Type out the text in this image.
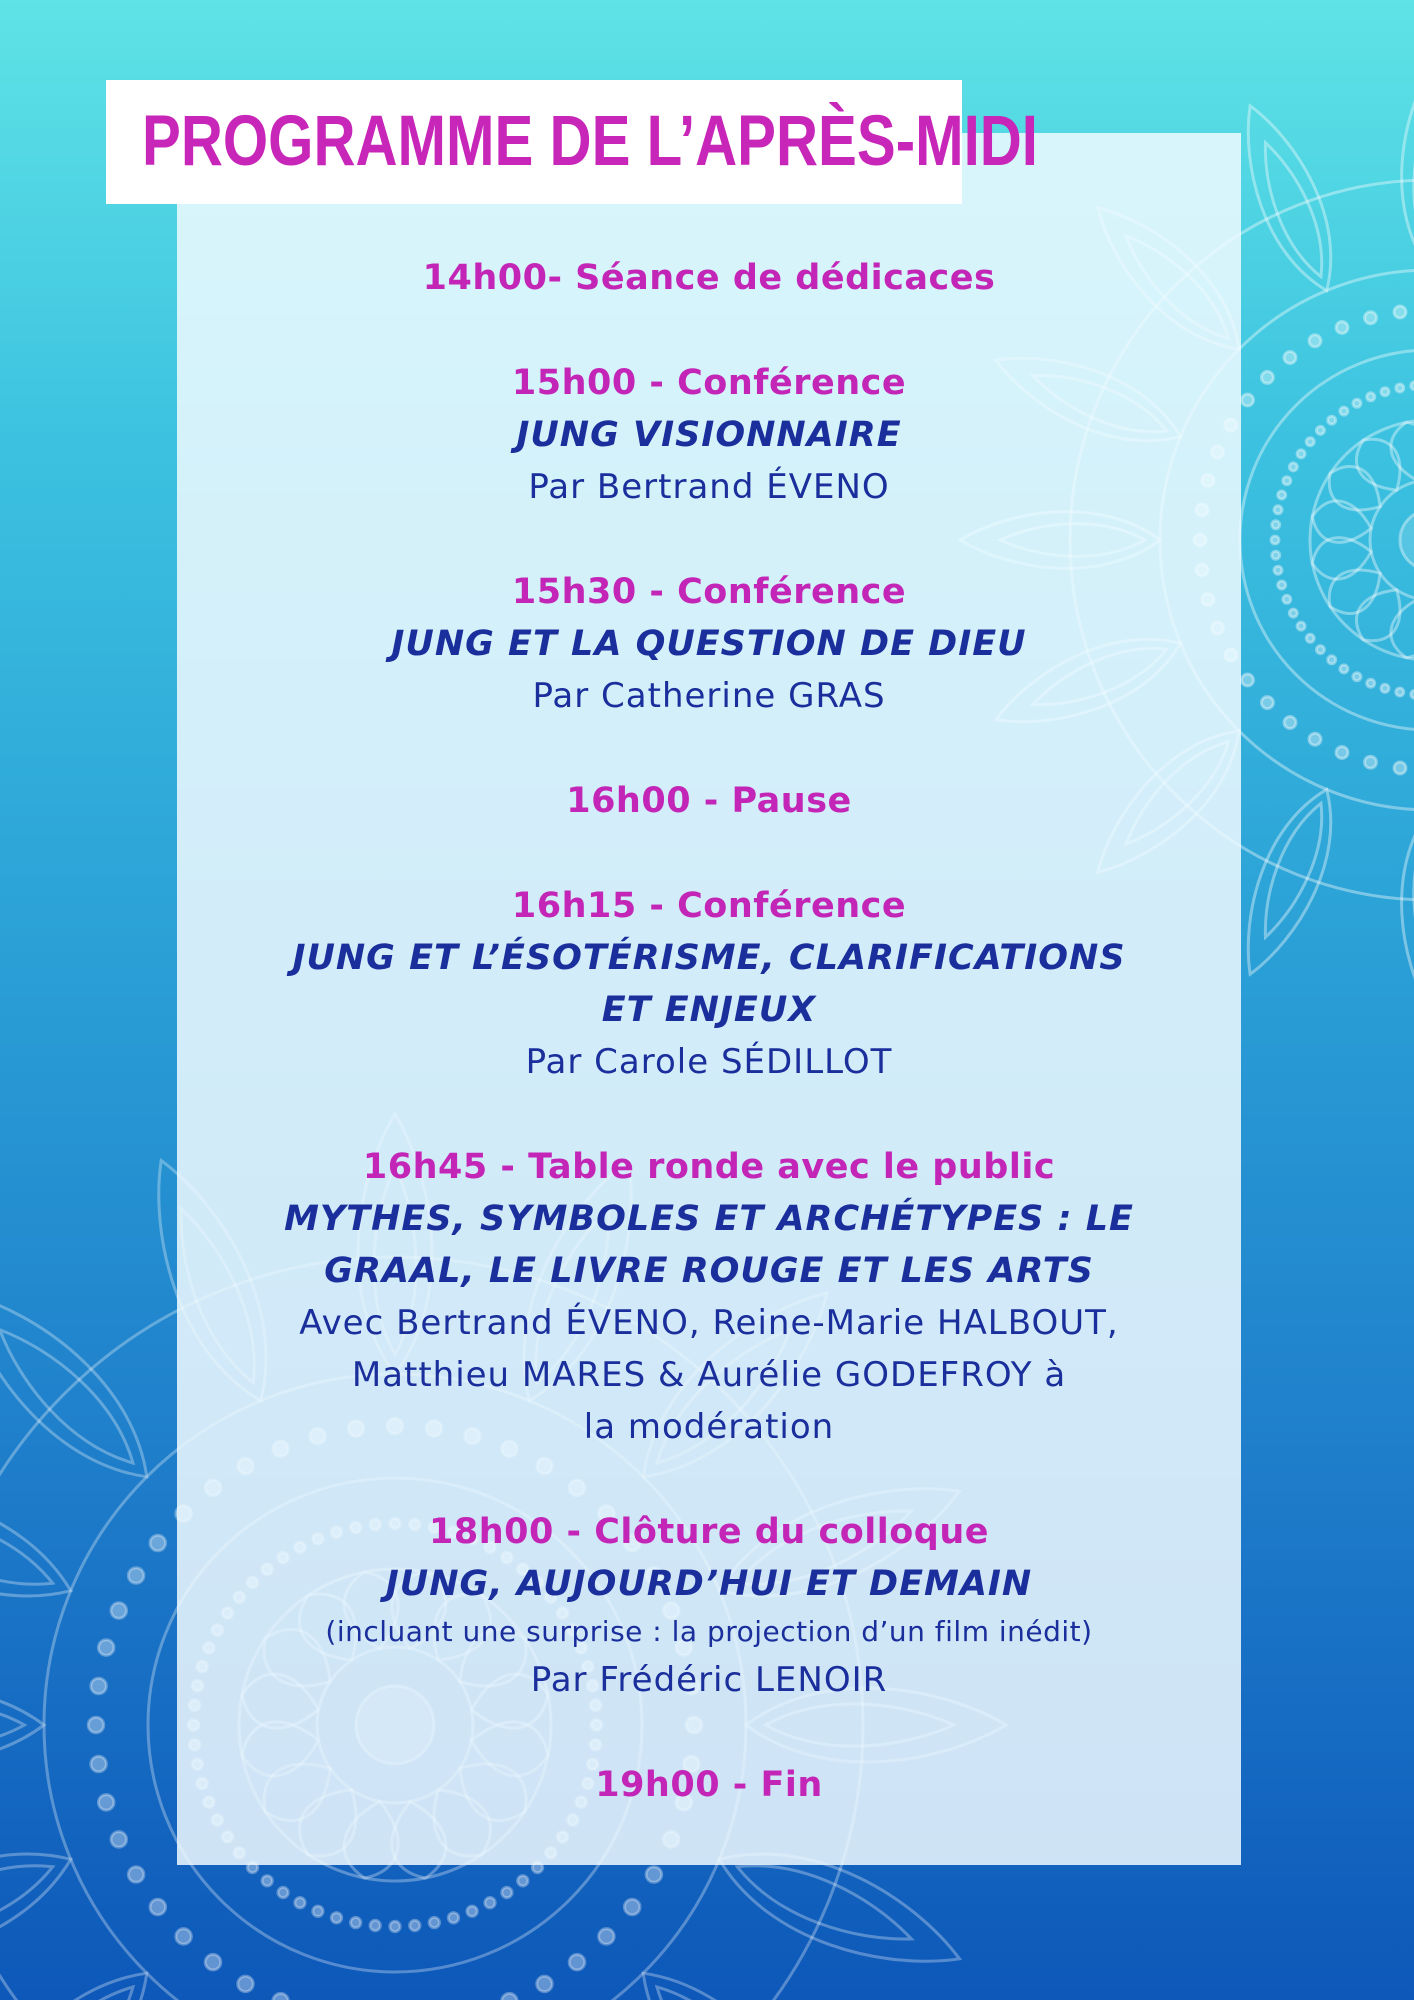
PROGRAMME DE L’APRÈS-MIDI
14h00- Séance de dédicaces
15h00 - Conférence
JUNG VISIONNAIRE
Par Bertrand ÉVENO
15h30 - Conférence
JUNG ET LA QUESTION DE DIEU
Par Catherine GRAS
16h00 - Pause
16h15 - Conférence
JUNG ET L’ÉSOTÉRISME, CLARIFICATIONS
ET ENJEUX
Par Carole SÉDILLOT
16h45 - Table ronde avec le public
MYTHES, SYMBOLES ET ARCHÉTYPES : LE
GRAAL, LE LIVRE ROUGE ET LES ARTS
Avec Bertrand ÉVENO, Reine-Marie HALBOUT,
Matthieu MARES & Aurélie GODEFROY à
la modération
18h00 - Clôture du colloque
JUNG, AUJOURD’HUI ET DEMAIN
(incluant une surprise : la projection d’un film inédit)
Par Frédéric LENOIR
19h00 - Fin
